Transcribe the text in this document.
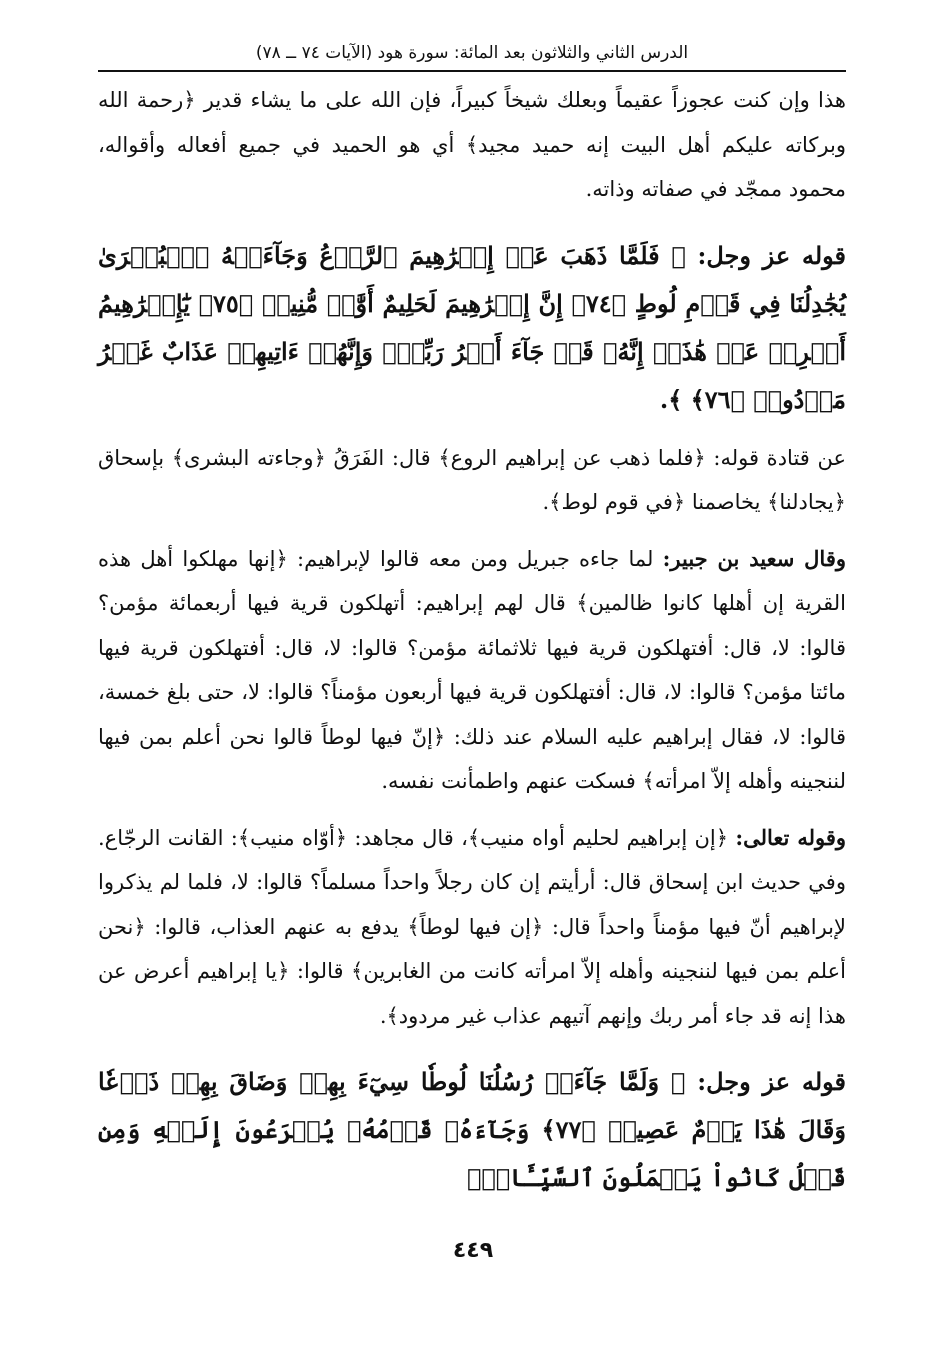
الدرس الثاني والثلاثون بعد المائة: سورة هود (الآيات ٧٤ ــ ٧٨)

هذا وإن كنت عجوزاً عقيماً وبعلك شيخاً كبيراً، فإن الله على ما يشاء قدير ﴿رحمة الله وبركاته عليكم أهل البيت إنه حميد مجيد﴾ أي هو الحميد في جميع أفعاله وأقواله، محمود ممجّد في صفاته وذاته.

قوله عز وجل: ﴿ فَلَمَّا ذَهَبَ عَنۡ إِبۡرَٰهِيمَ ٱلرَّوۡعُ وَجَآءَتۡهُ ٱلۡبُشۡرَىٰ يُجَٰدِلُنَا فِي قَوۡمِ لُوطٍ ﴿٧٤﴾ إِنَّ إِبۡرَٰهِيمَ لَحَلِيمٌ أَوَّٰهٞ مُّنِيبٞ ﴿٧٥﴾ يَٰٓإِبۡرَٰهِيمُ أَعۡرِضۡ عَنۡ هَٰذَآۖ إِنَّهُۥ قَدۡ جَآءَ أَمۡرُ رَبِّكَۖ وَإِنَّهُمۡ ءَاتِيهِمۡ عَذَابٌ غَيۡرُ مَرۡدُودٖ ﴿٧٦﴾ ﴾.

عن قتادة قوله: ﴿فلما ذهب عن إبراهيم الروع﴾ قال: الفَرَقُ ﴿وجاءته البشرى﴾ بإسحاق ﴿يجادلنا﴾ يخاصمنا ﴿في قوم لوط﴾.

وقال سعيد بن جبير: لما جاءه جبريل ومن معه قالوا لإبراهيم: ﴿إنها مهلكوا أهل هذه القرية إن أهلها كانوا ظالمين﴾ قال لهم إبراهيم: أتهلكون قرية فيها أربعمائة مؤمن؟ قالوا: لا، قال: أفتهلكون قرية فيها ثلاثمائة مؤمن؟ قالوا: لا، قال: أفتهلكون قرية فيها مائتا مؤمن؟ قالوا: لا، قال: أفتهلكون قرية فيها أربعون مؤمناً؟ قالوا: لا، حتى بلغ خمسة، قالوا: لا، فقال إبراهيم عليه السلام عند ذلك: ﴿إنّ فيها لوطاً قالوا نحن أعلم بمن فيها لننجينه وأهله إلاّ امرأته﴾ فسكت عنهم واطمأنت نفسه.

وقوله تعالى: ﴿إن إبراهيم لحليم أواه منيب﴾، قال مجاهد: ﴿أوّاه منيب﴾: القانت الرجّاع. وفي حديث ابن إسحاق قال: أرأيتم إن كان رجلاً واحداً مسلماً؟ قالوا: لا، فلما لم يذكروا لإبراهيم أنّ فيها مؤمناً واحداً قال: ﴿إن فيها لوطاً﴾ يدفع به عنهم العذاب، قالوا: ﴿نحن أعلم بمن فيها لننجينه وأهله إلاّ امرأته كانت من الغابرين﴾ قالوا: ﴿يا إبراهيم أعرض عن هذا إنه قد جاء أمر ربك وإنهم آتيهم عذاب غير مردود﴾.

قوله عز وجل: ﴿ وَلَمَّا جَآءَتۡ رُسُلُنَا لُوطٗا سِيٓءَ بِهِمۡ وَضَاقَ بِهِمۡ ذَرۡعٗا وَقَالَ هَٰذَا يَوۡمٌ عَصِيبٞ ﴿٧٧﴾ وَجَآءَهُۥ قَوۡمُهُۥ يُهۡرَعُونَ إِلَيۡهِ وَمِن قَبۡلُ كَانُواْ يَعۡمَلُونَ ٱلسَّيِّـَٔاتِۚ

٤٤٩
